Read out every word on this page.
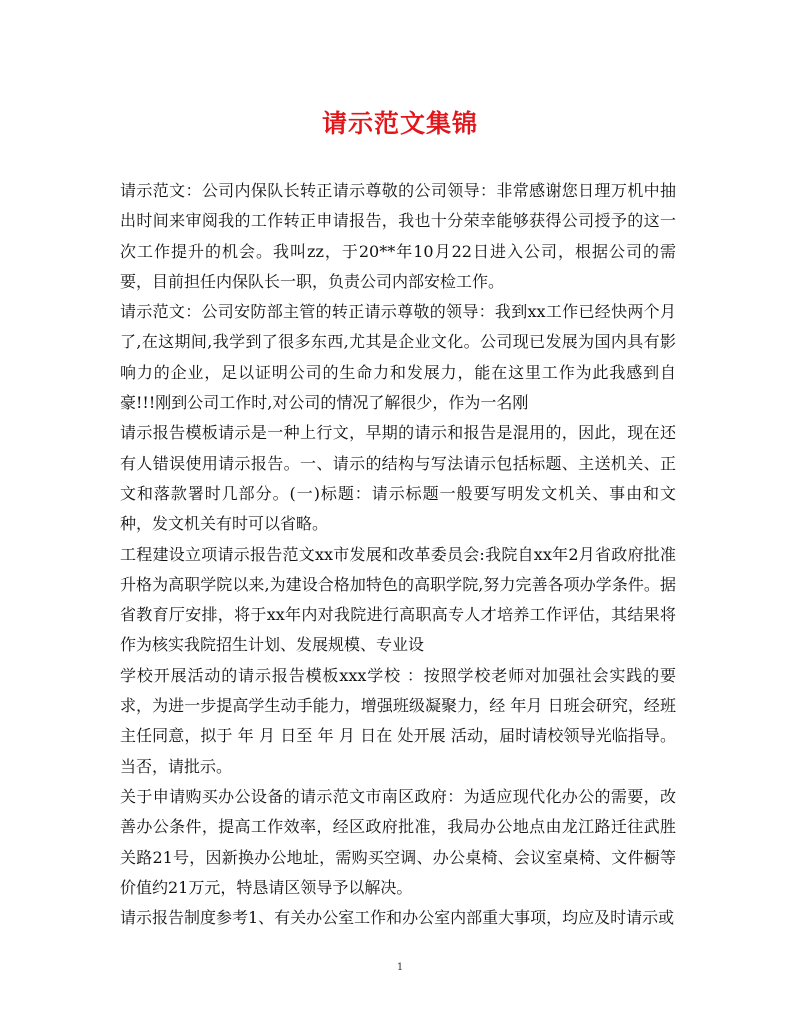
请示范文集锦

请示范文：公司内保队长转正请示尊敬的公司领导：非常感谢您日理万机中抽出时间来审阅我的工作转正申请报告，我也十分荣幸能够获得公司授予的这一次工作提升的机会。我叫zz，于20**年10月22日进入公司，根据公司的需要，目前担任内保队长一职，负责公司内部安检工作。

请示范文：公司安防部主管的转正请示尊敬的领导：我到xx工作已经快两个月了,在这期间,我学到了很多东西,尤其是企业文化。公司现已发展为国内具有影响力的企业，足以证明公司的生命力和发展力，能在这里工作为此我感到自豪!!!刚到公司工作时,对公司的情况了解很少，作为一名刚

请示报告模板请示是一种上行文，早期的请示和报告是混用的，因此，现在还有人错误使用请示报告。一、请示的结构与写法请示包括标题、主送机关、正文和落款署时几部分。(一)标题：请示标题一般要写明发文机关、事由和文种，发文机关有时可以省略。

工程建设立项请示报告范文xx市发展和改革委员会:我院自xx年2月省政府批准升格为高职学院以来,为建设合格加特色的高职学院,努力完善各项办学条件。据省教育厅安排，将于xx年内对我院进行高职高专人才培养工作评估，其结果将作为核实我院招生计划、发展规模、专业设

学校开展活动的请示报告模板xxx学校 ：按照学校老师对加强社会实践的要求，为进一步提高学生动手能力，增强班级凝聚力，经 年月 日班会研究，经班主任同意，拟于 年 月 日至 年 月 日在 处开展 活动，届时请校领导光临指导。当否，请批示。

关于申请购买办公设备的请示范文市南区政府：为适应现代化办公的需要，改善办公条件，提高工作效率，经区政府批准，我局办公地点由龙江路迁往武胜关路21号，因新换办公地址，需购买空调、办公桌椅、会议室桌椅、文件橱等价值约21万元，特恳请区领导予以解决。

请示报告制度参考1、有关办公室工作和办公室内部重大事项，均应及时请示或

1
